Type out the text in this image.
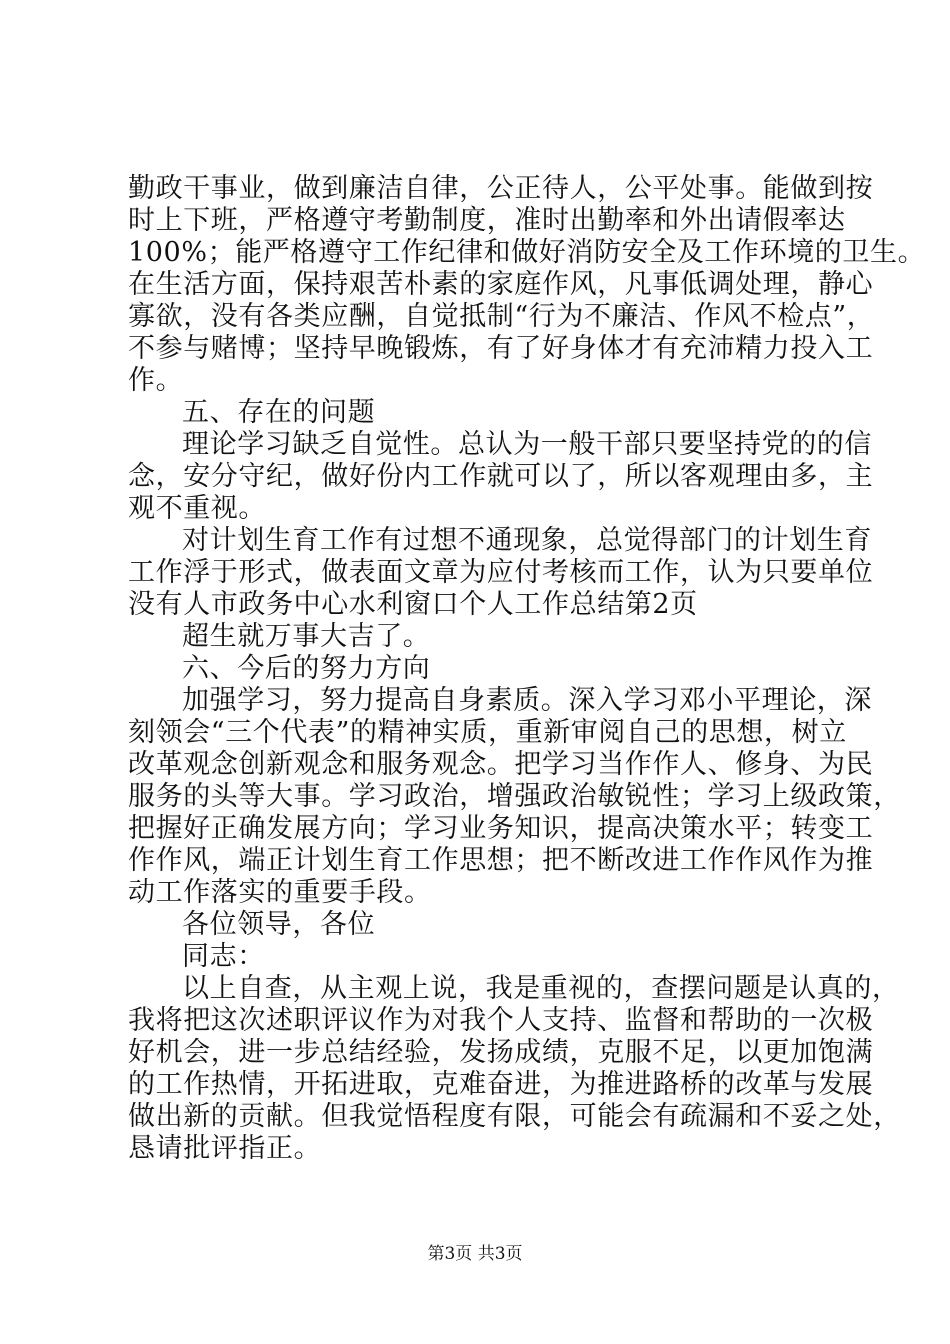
勤政干事业，做到廉洁自律，公正待人，公平处事。能做到按
时上下班，严格遵守考勤制度，准时出勤率和外出请假率达
100%；能严格遵守工作纪律和做好消防安全及工作环境的卫生。
在生活方面，保持艰苦朴素的家庭作风，凡事低调处理，静心
寡欲，没有各类应酬，自觉抵制“行为不廉洁、作风不检点”，
不参与赌博；坚持早晚锻炼，有了好身体才有充沛精力投入工
作。
五、存在的问题
理论学习缺乏自觉性。总认为一般干部只要坚持党的的信
念，安分守纪，做好份内工作就可以了，所以客观理由多，主
观不重视。
对计划生育工作有过想不通现象，总觉得部门的计划生育
工作浮于形式，做表面文章为应付考核而工作，认为只要单位
没有人市政务中心水利窗口个人工作总结第2页
超生就万事大吉了。
六、今后的努力方向
加强学习，努力提高自身素质。深入学习邓小平理论，深
刻领会“三个代表”的精神实质，重新审阅自己的思想，树立
改革观念创新观念和服务观念。把学习当作作人、修身、为民
服务的头等大事。学习政治，增强政治敏锐性；学习上级政策，
把握好正确发展方向；学习业务知识，提高决策水平；转变工
作作风，端正计划生育工作思想；把不断改进工作作风作为推
动工作落实的重要手段。
各位领导，各位
同志：
以上自查，从主观上说，我是重视的，查摆问题是认真的，
我将把这次述职评议作为对我个人支持、监督和帮助的一次极
好机会，进一步总结经验，发扬成绩，克服不足，以更加饱满
的工作热情，开拓进取，克难奋进，为推进路桥的改革与发展
做出新的贡献。但我觉悟程度有限，可能会有疏漏和不妥之处，
恳请批评指正。
第3页 共3页
